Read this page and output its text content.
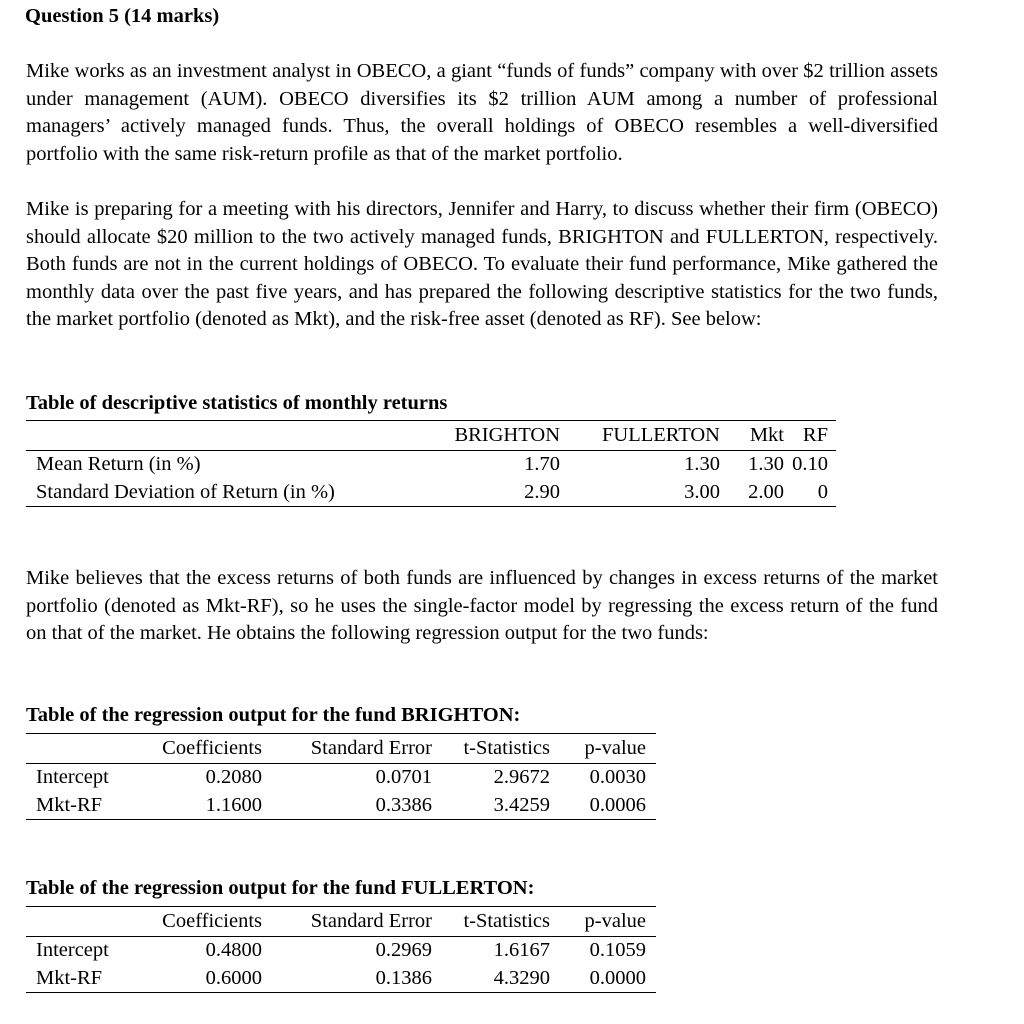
Question 5 (14 marks)

Mike works as an investment analyst in OBECO, a giant “funds of funds” company with over $2 trillion assets under management (AUM). OBECO diversifies its $2 trillion AUM among a number of professional managers’ actively managed funds. Thus, the overall holdings of OBECO resembles a well-diversified portfolio with the same risk-return profile as that of the market portfolio.

Mike is preparing for a meeting with his directors, Jennifer and Harry, to discuss whether their firm (OBECO) should allocate $20 million to the two actively managed funds, BRIGHTON and FULLERTON, respectively. Both funds are not in the current holdings of OBECO. To evaluate their fund performance, Mike gathered the monthly data over the past five years, and has prepared the following descriptive statistics for the two funds, the market portfolio (denoted as Mkt), and the risk-free asset (denoted as RF). See below:

Table of descriptive statistics of monthly returns
	BRIGHTON	FULLERTON	Mkt	RF
Mean Return (in %)	1.70	1.30	1.30	0.10
Standard Deviation of Return (in %)	2.90	3.00	2.00	0

Mike believes that the excess returns of both funds are influenced by changes in excess returns of the market portfolio (denoted as Mkt-RF), so he uses the single-factor model by regressing the excess return of the fund on that of the market. He obtains the following regression output for the two funds:

Table of the regression output for the fund BRIGHTON:
	Coefficients	Standard Error	t-Statistics	p-value
Intercept	0.2080	0.0701	2.9672	0.0030
Mkt-RF	1.1600	0.3386	3.4259	0.0006
Table of the regression output for the fund FULLERTON:
	Coefficients	Standard Error	t-Statistics	p-value
Intercept	0.4800	0.2969	1.6167	0.1059
Mkt-RF	0.6000	0.1386	4.3290	0.0000
